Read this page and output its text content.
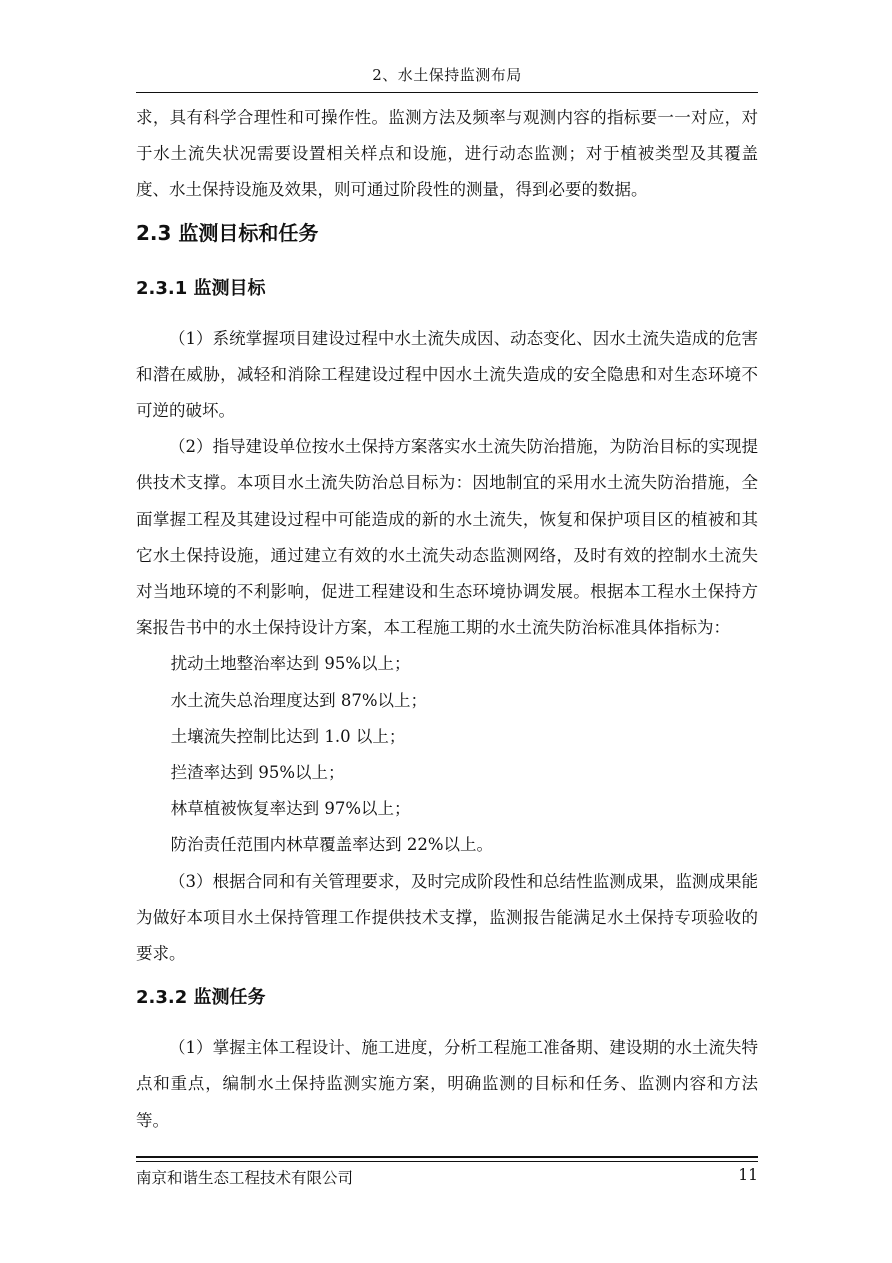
2、水土保持监测布局

求，具有科学合理性和可操作性。监测方法及频率与观测内容的指标要一一对应，对于水土流失状况需要设置相关样点和设施，进行动态监测；对于植被类型及其覆盖度、水土保持设施及效果，则可通过阶段性的测量，得到必要的数据。

2.3 监测目标和任务
2.3.1 监测目标

（1）系统掌握项目建设过程中水土流失成因、动态变化、因水土流失造成的危害和潜在威胁，减轻和消除工程建设过程中因水土流失造成的安全隐患和对生态环境不可逆的破坏。

（2）指导建设单位按水土保持方案落实水土流失防治措施，为防治目标的实现提供技术支撑。本项目水土流失防治总目标为：因地制宜的采用水土流失防治措施，全面掌握工程及其建设过程中可能造成的新的水土流失，恢复和保护项目区的植被和其它水土保持设施，通过建立有效的水土流失动态监测网络，及时有效的控制水土流失对当地环境的不利影响，促进工程建设和生态环境协调发展。根据本工程水土保持方案报告书中的水土保持设计方案，本工程施工期的水土流失防治标准具体指标为：

扰动土地整治率达到 95%以上；

水土流失总治理度达到 87%以上；

土壤流失控制比达到 1.0 以上；

拦渣率达到 95%以上；

林草植被恢复率达到 97%以上；

防治责任范围内林草覆盖率达到 22%以上。

（3）根据合同和有关管理要求，及时完成阶段性和总结性监测成果，监测成果能为做好本项目水土保持管理工作提供技术支撑，监测报告能满足水土保持专项验收的要求。

2.3.2 监测任务

（1）掌握主体工程设计、施工进度，分析工程施工准备期、建设期的水土流失特点和重点，编制水土保持监测实施方案，明确监测的目标和任务、监测内容和方法等。

南京和谐生态工程技术有限公司	11
